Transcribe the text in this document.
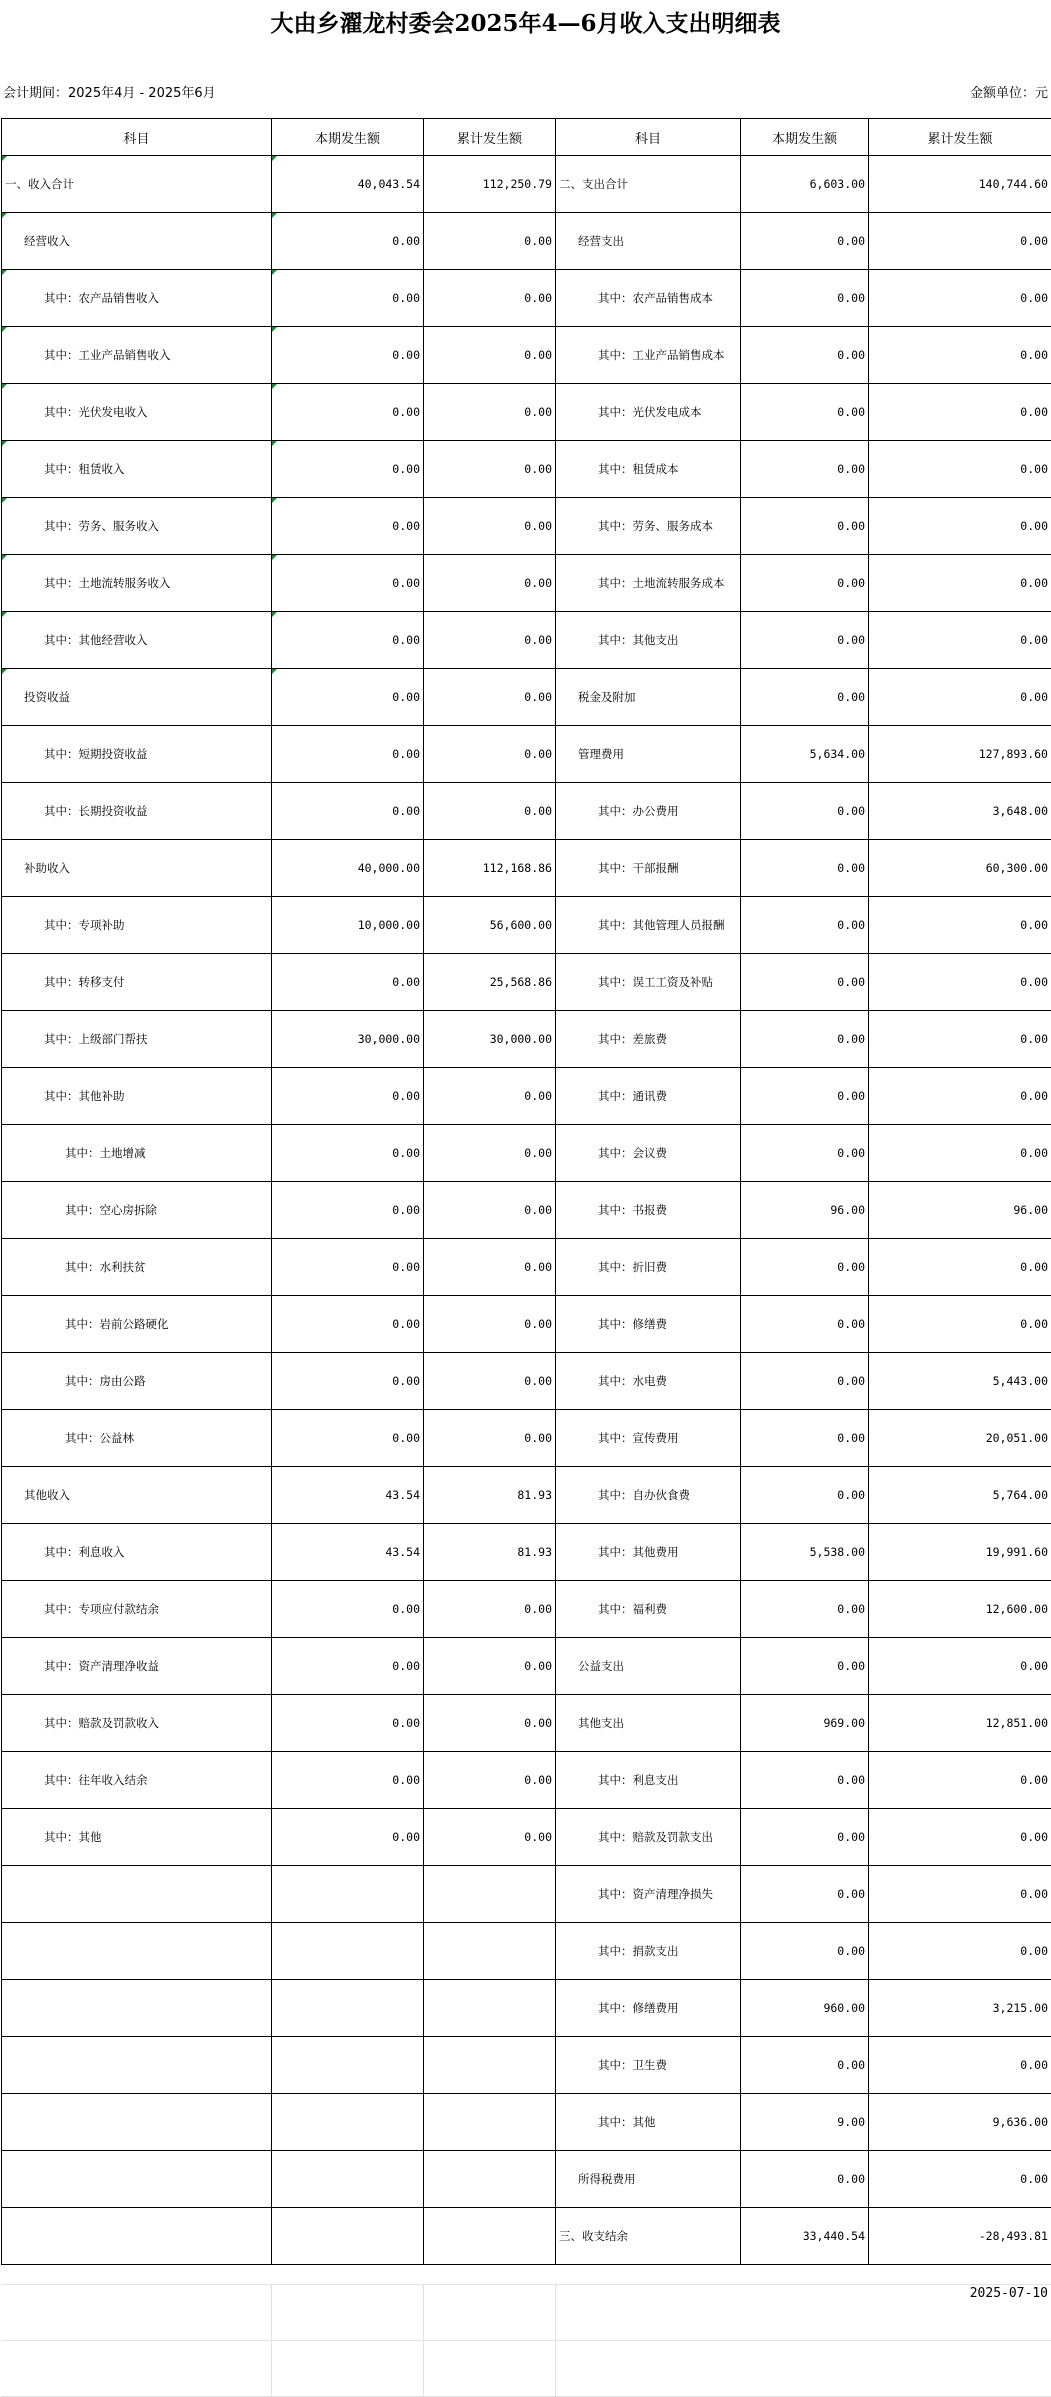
大由乡濯龙村委会2025年4—6月收入支出明细表
会计期间：2025年4月 - 2025年6月	金额单位：元
科目	本期发生额	累计发生额	科目	本期发生额	累计发生额
一、收入合计	40,043.54	112,250.79	二、支出合计	6,603.00	140,744.60
经营收入	0.00	0.00	经营支出	0.00	0.00
其中：农产品销售收入	0.00	0.00	其中：农产品销售成本	0.00	0.00
其中：工业产品销售收入	0.00	0.00	其中：工业产品销售成本	0.00	0.00
其中：光伏发电收入	0.00	0.00	其中：光伏发电成本	0.00	0.00
其中：租赁收入	0.00	0.00	其中：租赁成本	0.00	0.00
其中：劳务、服务收入	0.00	0.00	其中：劳务、服务成本	0.00	0.00
其中：土地流转服务收入	0.00	0.00	其中：土地流转服务成本	0.00	0.00
其中：其他经营收入	0.00	0.00	其中：其他支出	0.00	0.00
投资收益	0.00	0.00	税金及附加	0.00	0.00
其中：短期投资收益	0.00	0.00	管理费用	5,634.00	127,893.60
其中：长期投资收益	0.00	0.00	其中：办公费用	0.00	3,648.00
补助收入	40,000.00	112,168.86	其中：干部报酬	0.00	60,300.00
其中：专项补助	10,000.00	56,600.00	其中：其他管理人员报酬	0.00	0.00
其中：转移支付	0.00	25,568.86	其中：误工工资及补贴	0.00	0.00
其中：上级部门帮扶	30,000.00	30,000.00	其中：差旅费	0.00	0.00
其中：其他补助	0.00	0.00	其中：通讯费	0.00	0.00
其中：土地增减	0.00	0.00	其中：会议费	0.00	0.00
其中：空心房拆除	0.00	0.00	其中：书报费	96.00	96.00
其中：水利扶贫	0.00	0.00	其中：折旧费	0.00	0.00
其中：岩前公路硬化	0.00	0.00	其中：修缮费	0.00	0.00
其中：房由公路	0.00	0.00	其中：水电费	0.00	5,443.00
其中：公益林	0.00	0.00	其中：宣传费用	0.00	20,051.00
其他收入	43.54	81.93	其中：自办伙食费	0.00	5,764.00
其中：利息收入	43.54	81.93	其中：其他费用	5,538.00	19,991.60
其中：专项应付款结余	0.00	0.00	其中：福利费	0.00	12,600.00
其中：资产清理净收益	0.00	0.00	公益支出	0.00	0.00
其中：赔款及罚款收入	0.00	0.00	其他支出	969.00	12,851.00
其中：往年收入结余	0.00	0.00	其中：利息支出	0.00	0.00
其中：其他	0.00	0.00	其中：赔款及罚款支出	0.00	0.00
			其中：资产清理净损失	0.00	0.00
			其中：捐款支出	0.00	0.00
			其中：修缮费用	960.00	3,215.00
			其中：卫生费	0.00	0.00
			其中：其他	9.00	9,636.00
			所得税费用	0.00	0.00
			三、收支结余	33,440.54	-28,493.81
2025-07-10
